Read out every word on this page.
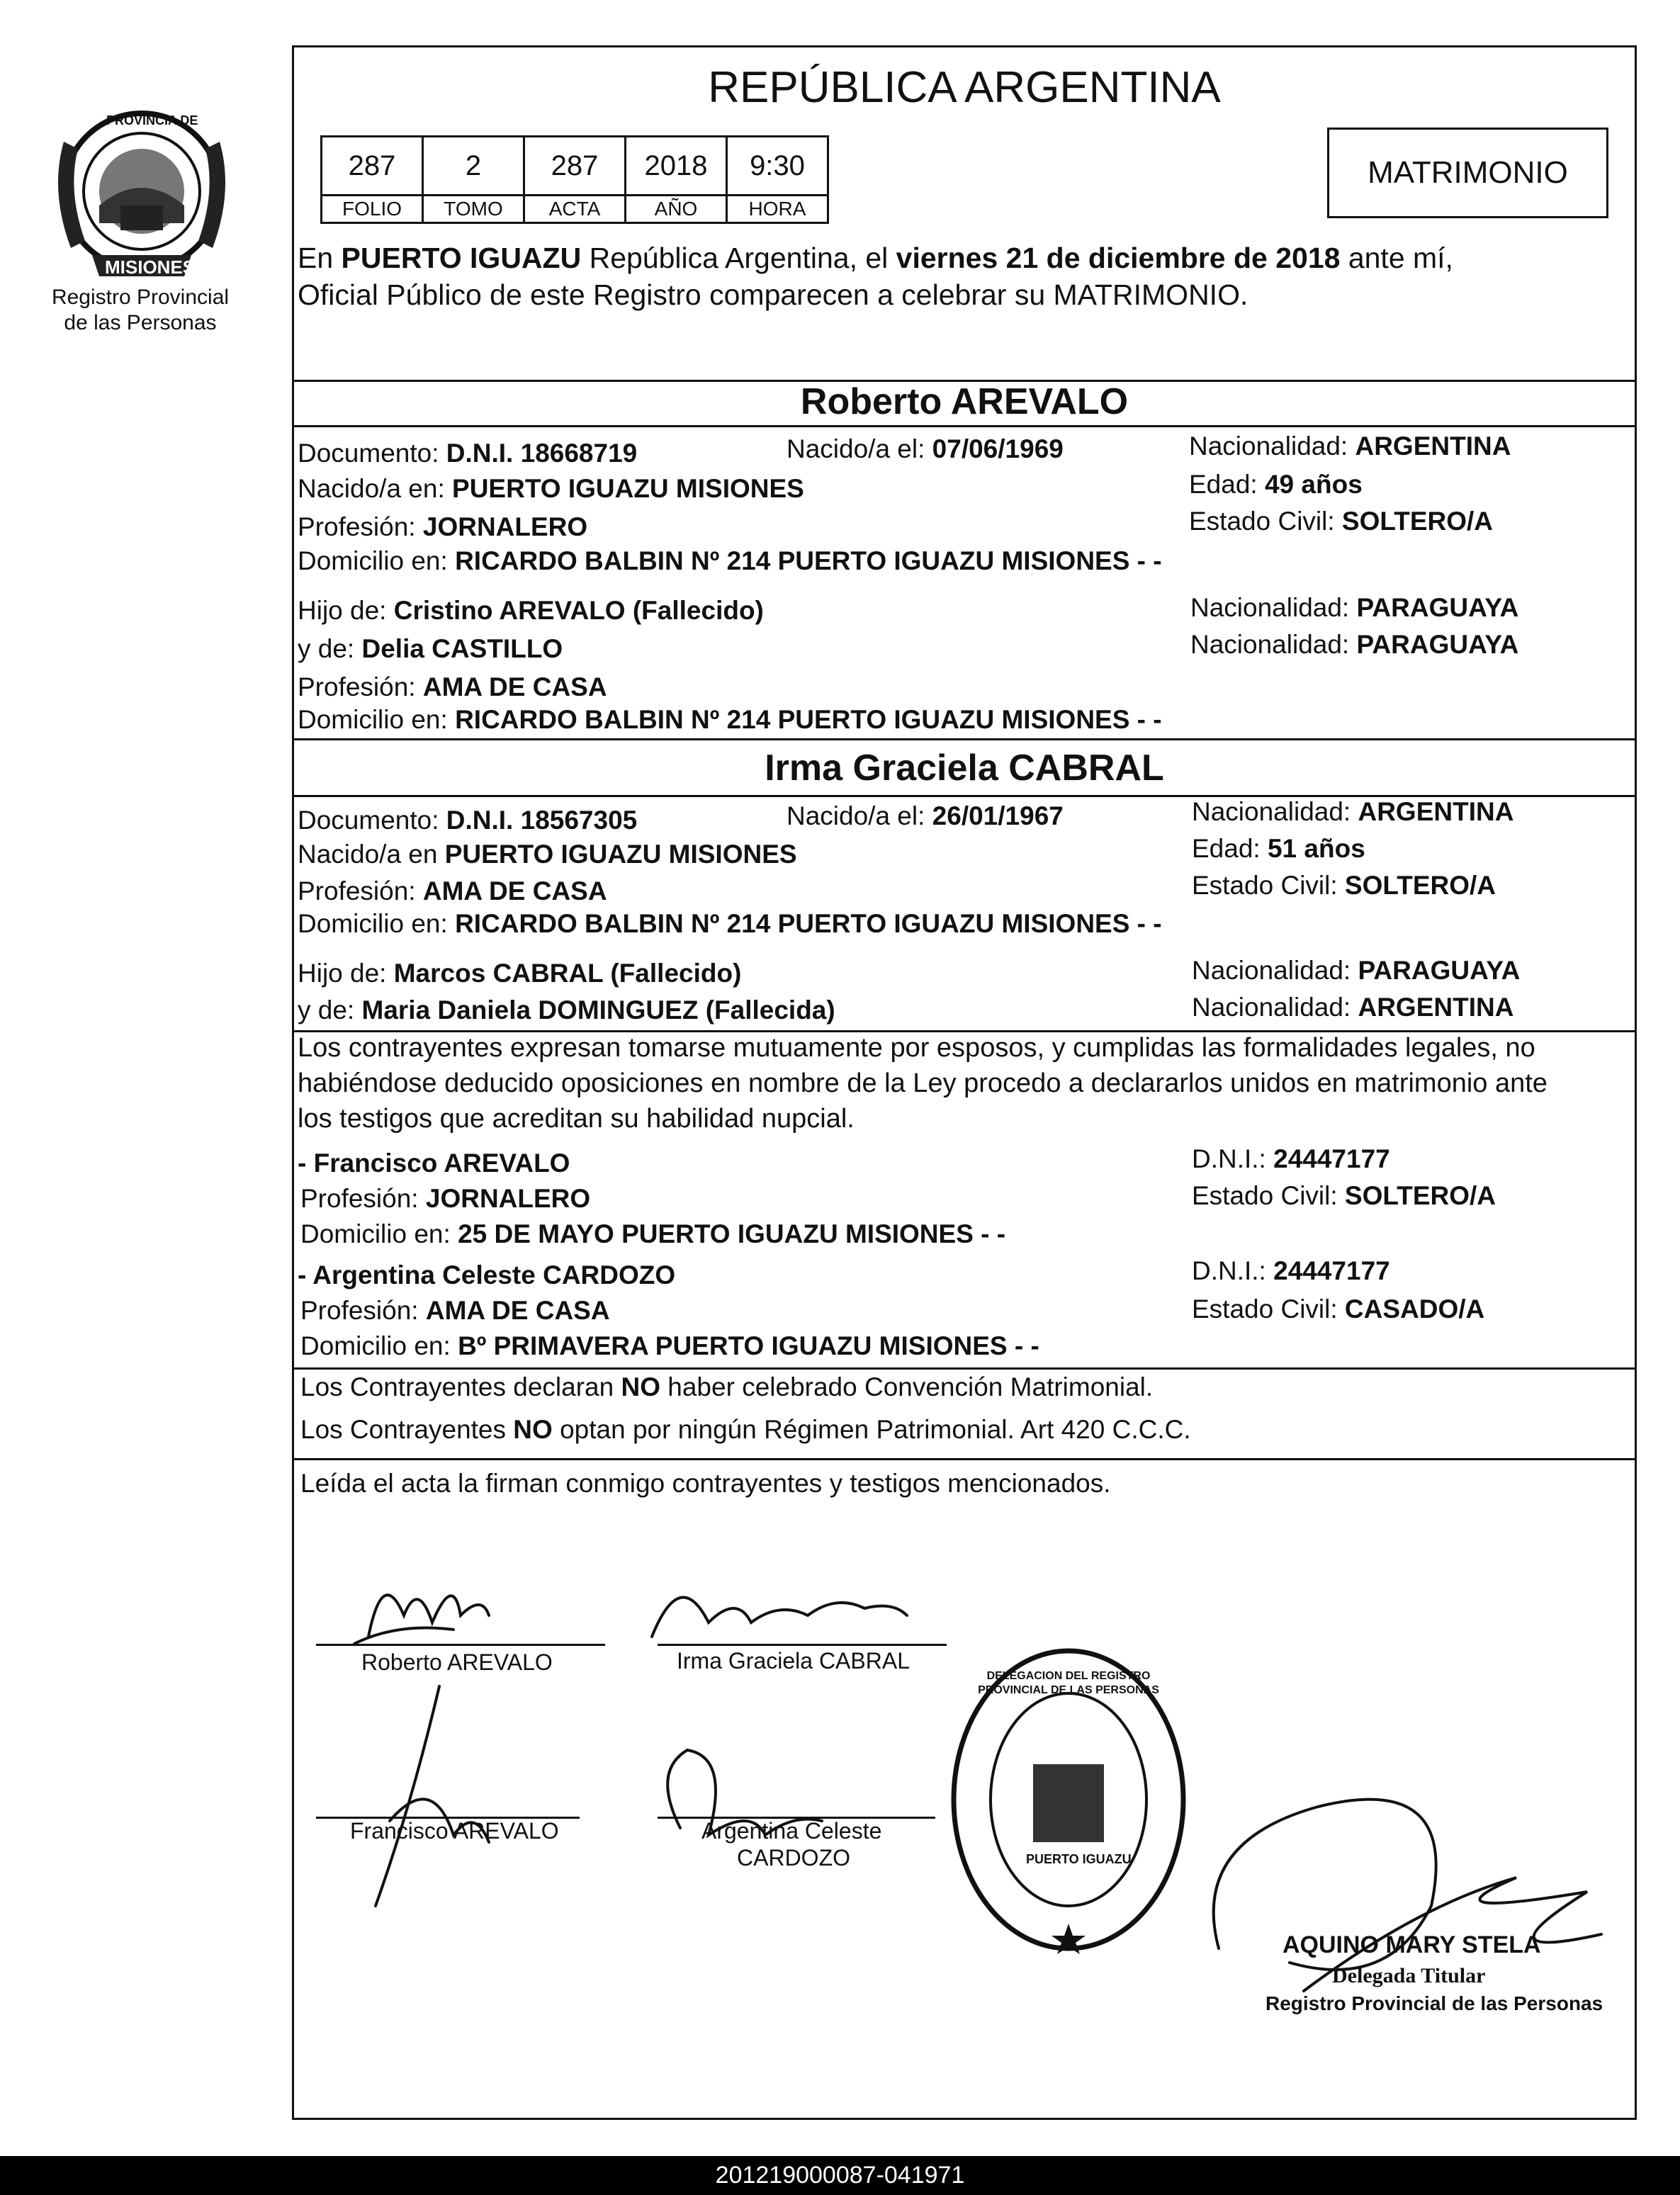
PROVINCIA DE
MISIONES
Registro Provincial
de las Personas
REPÚBLICA ARGENTINA
287	2	287	2018	9:30
FOLIO	TOMO	ACTA	AÑO	HORA
MATRIMONIO
En PUERTO IGUAZU República Argentina, el viernes 21 de diciembre de 2018 ante mí,
Oficial Público de este Registro comparecen a celebrar su MATRIMONIO.
Roberto AREVALO
Documento: D.N.I. 18668719	Nacido/a el: 07/06/1969	Nacionalidad: ARGENTINA
Nacido/a en: PUERTO IGUAZU MISIONES	Edad: 49 años
Profesión: JORNALERO	Estado Civil: SOLTERO/A
Domicilio en: RICARDO BALBIN Nº 214 PUERTO IGUAZU MISIONES - -
Hijo de: Cristino AREVALO (Fallecido)	Nacionalidad: PARAGUAYA
y de: Delia CASTILLO	Nacionalidad: PARAGUAYA
Profesión: AMA DE CASA
Domicilio en: RICARDO BALBIN Nº 214 PUERTO IGUAZU MISIONES - -
Irma Graciela CABRAL
Documento: D.N.I. 18567305	Nacido/a el: 26/01/1967	Nacionalidad: ARGENTINA
Nacido/a en PUERTO IGUAZU MISIONES	Edad: 51 años
Profesión: AMA DE CASA	Estado Civil: SOLTERO/A
Domicilio en: RICARDO BALBIN Nº 214 PUERTO IGUAZU MISIONES - -
Hijo de: Marcos CABRAL (Fallecido)	Nacionalidad: PARAGUAYA
y de: Maria Daniela DOMINGUEZ (Fallecida)	Nacionalidad: ARGENTINA
Los contrayentes expresan tomarse mutuamente por esposos, y cumplidas las formalidades legales, no
habiéndose deducido oposiciones en nombre de la Ley procedo a declararlos unidos en matrimonio ante
los testigos que acreditan su habilidad nupcial.
- Francisco AREVALO	D.N.I.: 24447177
Profesión: JORNALERO	Estado Civil: SOLTERO/A
Domicilio en: 25 DE MAYO PUERTO IGUAZU MISIONES - -
- Argentina Celeste CARDOZO	D.N.I.: 24447177
Profesión: AMA DE CASA	Estado Civil: CASADO/A
Domicilio en: Bº PRIMAVERA PUERTO IGUAZU MISIONES - -
Los Contrayentes declaran NO haber celebrado Convención Matrimonial.
Los Contrayentes NO optan por ningún Régimen Patrimonial. Art 420 C.C.C.
Leída el acta la firman conmigo contrayentes y testigos mencionados.
Roberto AREVALO	Irma Graciela CABRAL
Francisco AREVALO	Argentina Celeste
CARDOZO
DELEGACION DEL REGISTRO PROVINCIAL DE LAS PERSONAS
PUERTO IGUAZU
AQUINO MARY STELA
Delegada Titular
Registro Provincial de las Personas
201219000087-041971
